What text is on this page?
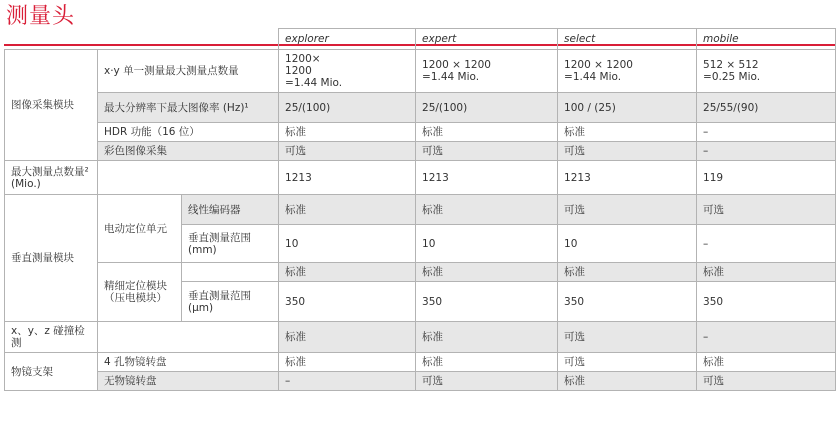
测量头
			explorer	expert	select	mobile
图像采集模块	x·y 单一测量最大测量点数量		1200×
1200
=1.44 Mio.	1200 × 1200
=1.44 Mio.	1200 × 1200
=1.44 Mio.	512 × 512
=0.25 Mio.
	最大分辨率下最大图像率 (Hz)¹		25/(100)	25/(100)	100 / (25)	25/55/(90)
	HDR 功能（16 位）		标准	标准	标准	–
	彩色图像采集		可选	可选	可选	–
最大测量点数量² (Mio.)			1213	1213	1213	119
垂直测量模块	电动定位单元	线性编码器	标准	标准	可选	可选
		垂直测量范围 (mm)	10	10	10	–
	精细定位模块（压电模块）		标准	标准	标准	标准
		垂直测量范围 (µm)	350	350	350	350
x、y、z 碰撞检测			标准	标准	可选	–
物镜支架	4 孔物镜转盘		标准	标准	可选	标准
	无物镜转盘		–	可选	标准	可选
